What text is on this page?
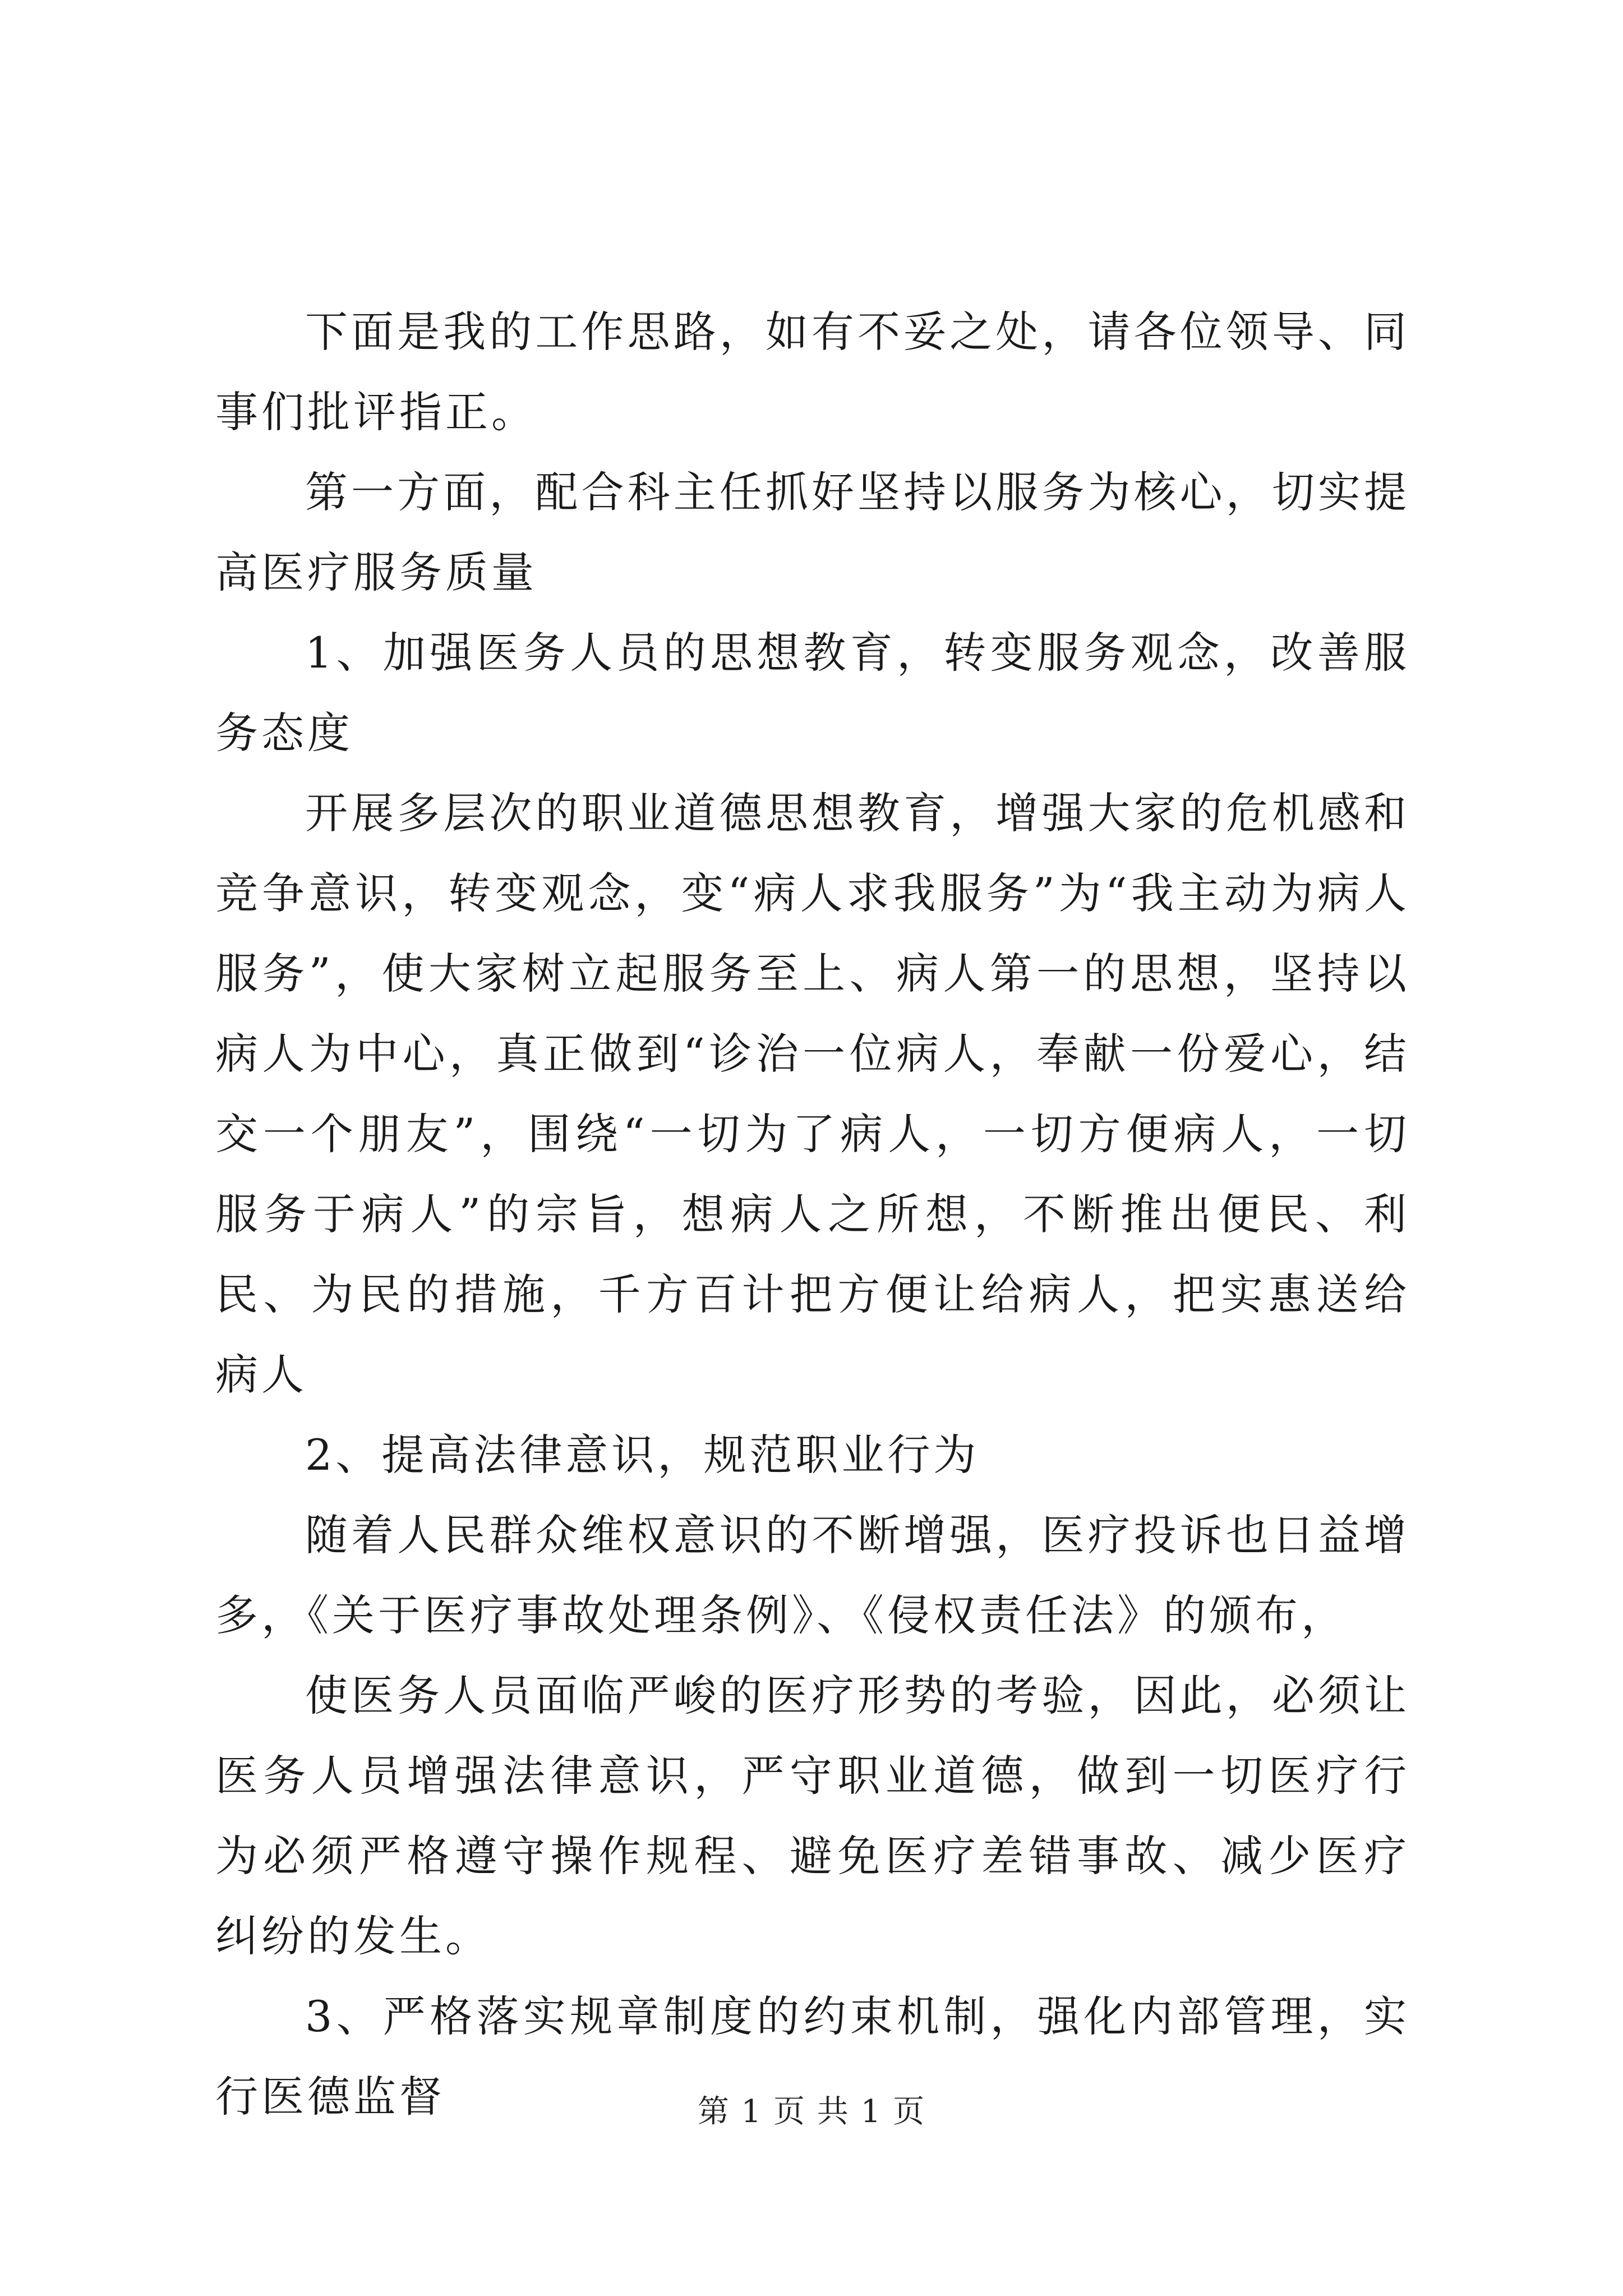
下面是我的工作思路，如有不妥之处，请各位领导、同事们批评指正。

第一方面，配合科主任抓好坚持以服务为核心，切实提高医疗服务质量

1、加强医务人员的思想教育，转变服务观念，改善服务态度

开展多层次的职业道德思想教育，增强大家的危机感和竞争意识，转变观念，变“病人求我服务”为“我主动为病人服务”，使大家树立起服务至上、病人第一的思想，坚持以病人为中心，真正做到“诊治一位病人，奉献一份爱心，结交一个朋友”，围绕“一切为了病人，一切方便病人，一切服务于病人”的宗旨，想病人之所想，不断推出便民、利民、为民的措施，千方百计把方便让给病人，把实惠送给病人

2、提高法律意识，规范职业行为

随着人民群众维权意识的不断增强，医疗投诉也日益增多，《关于医疗事故处理条例》、《侵权责任法》的颁布，

使医务人员面临严峻的医疗形势的考验，因此，必须让医务人员增强法律意识，严守职业道德，做到一切医疗行为必须严格遵守操作规程、避免医疗差错事故、减少医疗纠纷的发生。

3、严格落实规章制度的约束机制，强化内部管理，实行医德监督	第 1 页 共 1 页
